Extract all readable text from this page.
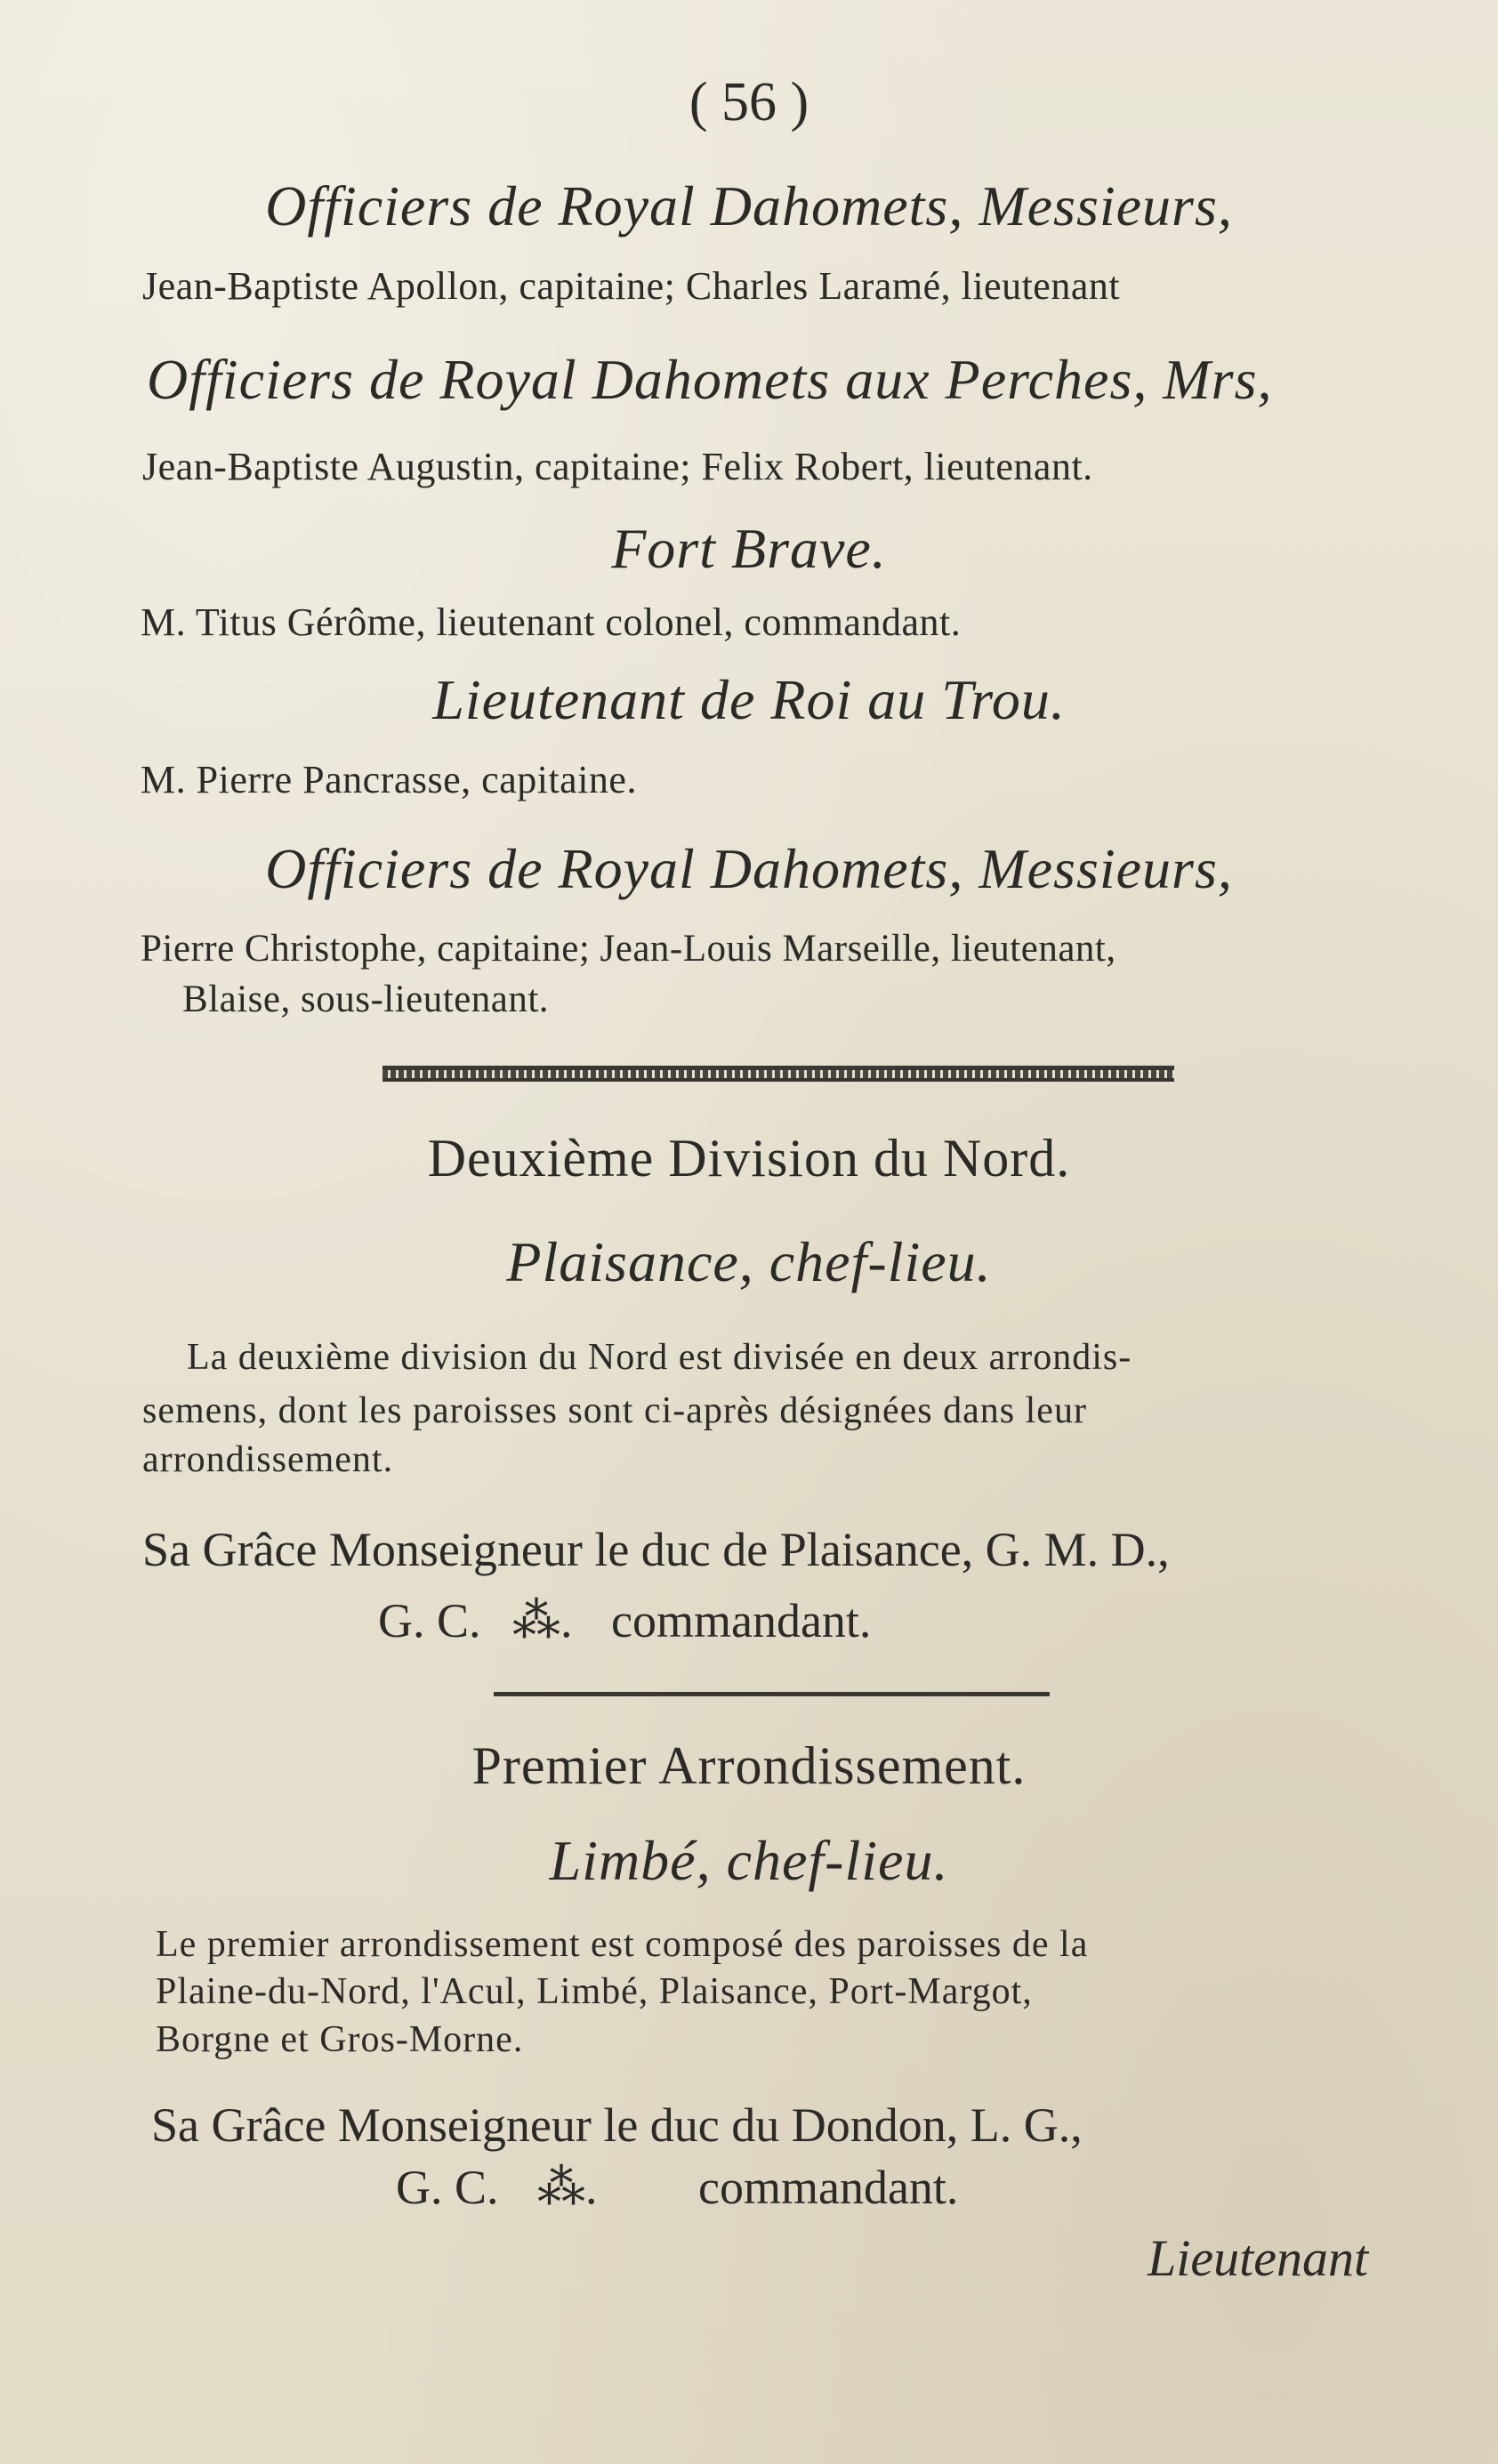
( 56 )
Officiers de Royal Dahomets, Messieurs,
Jean-Baptiste Apollon, capitaine; Charles Laramé, lieutenant
Officiers de Royal Dahomets aux Perches, Mrs,
Jean-Baptiste Augustin, capitaine; Felix Robert, lieutenant.
Fort Brave.
M. Titus Gérôme, lieutenant colonel, commandant.
Lieutenant de Roi au Trou.
M. Pierre Pancrasse, capitaine.
Officiers de Royal Dahomets, Messieurs,
Pierre Christophe, capitaine; Jean-Louis Marseille, lieutenant,
Blaise, sous-lieutenant.
Deuxième Division du Nord.
Plaisance, chef-lieu.
La deuxième division du Nord est divisée en deux arrondis-
semens, dont les paroisses sont ci-après désignées dans leur
arrondissement.
Sa Grâce Monseigneur le duc de Plaisance, G. M. D.,
G. C. ⁂. commandant.
Premier Arrondissement.
Limbé, chef-lieu.
Le premier arrondissement est composé des paroisses de la
Plaine-du-Nord, l'Acul, Limbé, Plaisance, Port-Margot,
Borgne et Gros-Morne.
Sa Grâce Monseigneur le duc du Dondon, L. G.,
G. C. ⁂. commandant.
Lieutenant
